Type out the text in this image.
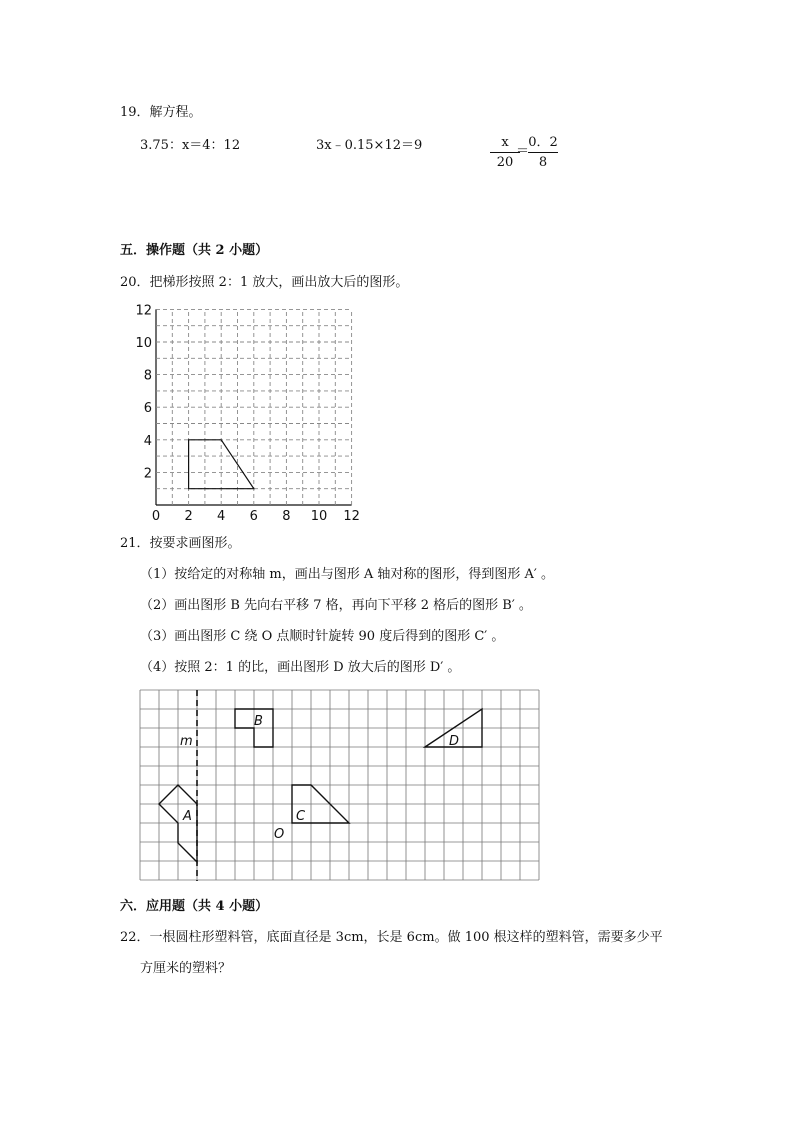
19．解方程。
3.75：x＝4：12	3x﹣0.15×12＝9	$\frac{x}{20}$
＝
$\frac{0.2}{8}$
五．操作题（共 2 小题）
20．把梯形按照 2：1 放大，画出放大后的图形。
12
10
8
6
4
2
0 2 4 6 8 10 12
21．按要求画图形。
（1）按给定的对称轴 m，画出与图形 A 轴对称的图形，得到图形 A′ 。
（2）画出图形 B 先向右平移 7 格，再向下平移 2 格后的图形 B′ 。
（3）画出图形 C 绕 O 点顺时针旋转 90 度后得到的图形 C′ 。
（4）按照 2：1 的比，画出图形 D 放大后的图形 D′ 。
m
B
D
A	C
O
六．应用题（共 4 小题）
22．一根圆柱形塑料管，底面直径是 3cm，长是 6cm。做 100 根这样的塑料管，需要多少平
方厘米的塑料？
